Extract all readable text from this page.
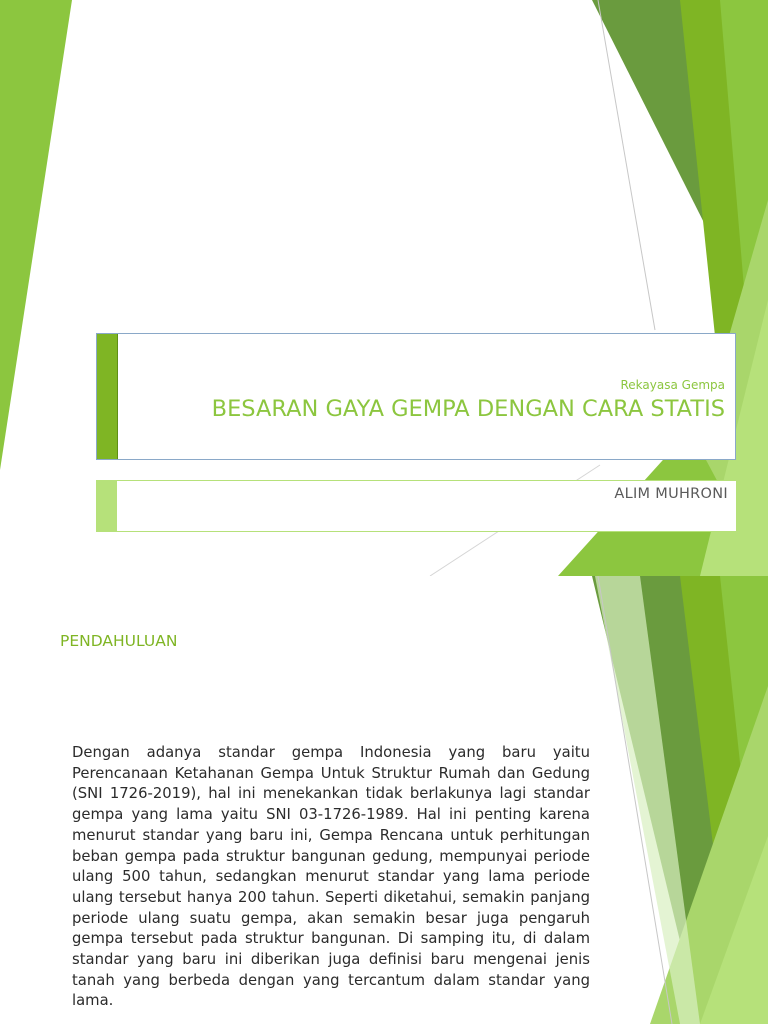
Rekayasa Gempa
BESARAN GAYA GEMPA DENGAN CARA STATIS
ALIM MUHRONI
PENDAHULUAN
Dengan adanya standar gempa Indonesia yang baru yaitu Perencanaan Ketahanan Gempa Untuk Struktur Rumah dan Gedung (SNI 1726-2019), hal ini menekankan tidak berlakunya lagi standar gempa yang lama yaitu SNI 03-1726-1989. Hal ini penting karena menurut standar yang baru ini, Gempa Rencana untuk perhitungan beban gempa pada struktur bangunan gedung, mempunyai periode ulang 500 tahun, sedangkan menurut standar yang lama periode ulang tersebut hanya 200 tahun. Seperti diketahui, semakin panjang periode ulang suatu gempa, akan semakin besar juga pengaruh gempa tersebut pada struktur bangunan. Di samping itu, di dalam standar yang baru ini diberikan juga definisi baru mengenai jenis tanah yang berbeda dengan yang tercantum dalam standar yang lama.
